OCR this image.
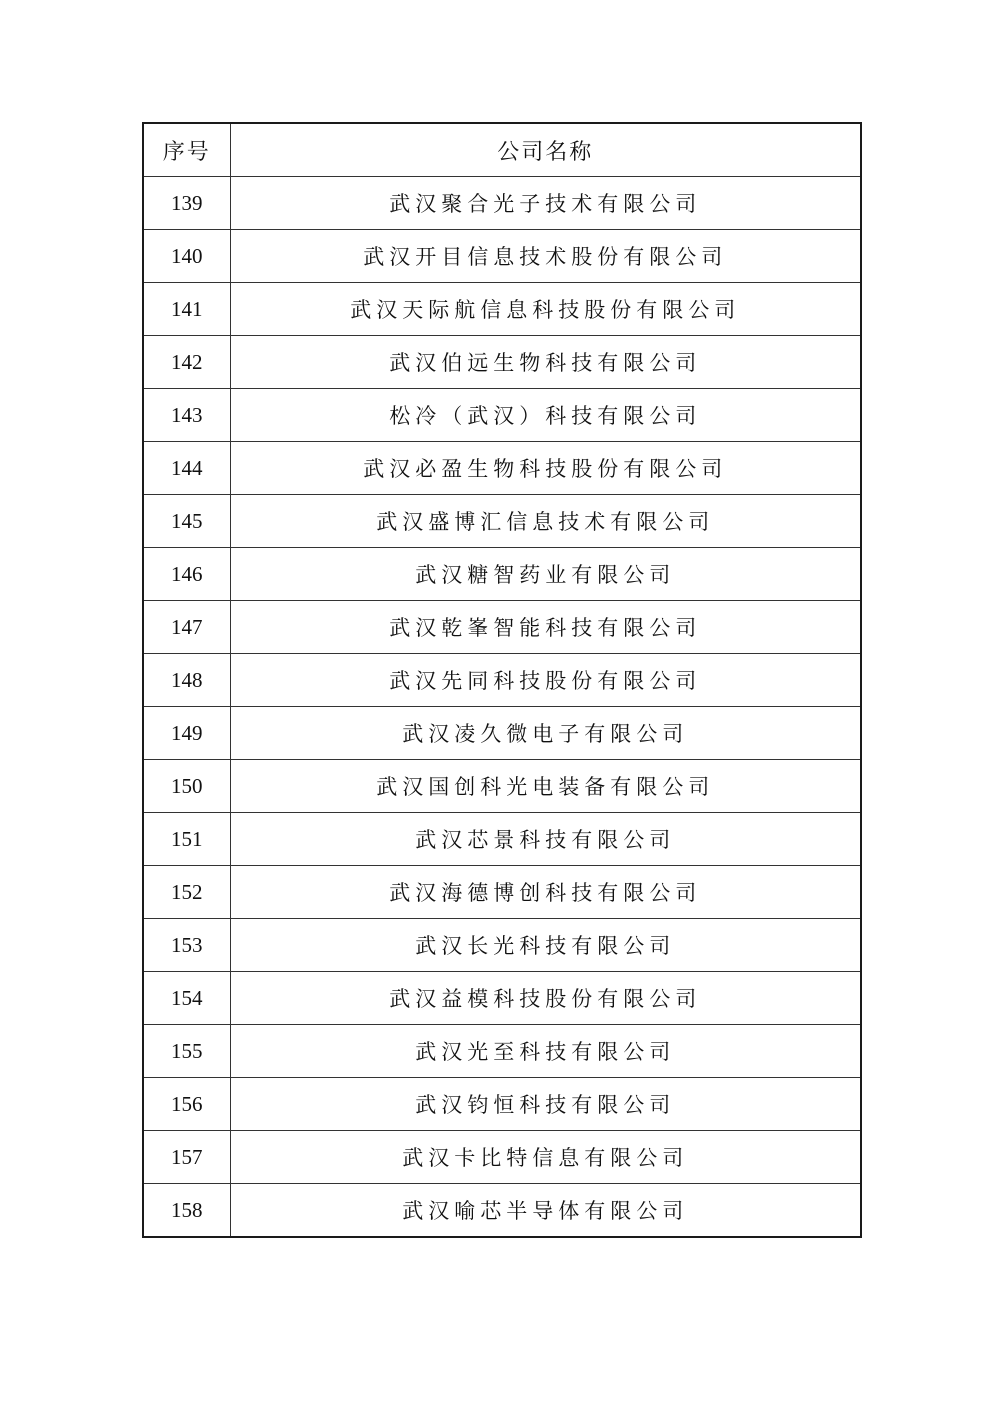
序号	公司名称
139	武汉聚合光子技术有限公司
140	武汉开目信息技术股份有限公司
141	武汉天际航信息科技股份有限公司
142	武汉伯远生物科技有限公司
143	松冷（武汉）科技有限公司
144	武汉必盈生物科技股份有限公司
145	武汉盛博汇信息技术有限公司
146	武汉糖智药业有限公司
147	武汉乾峯智能科技有限公司
148	武汉先同科技股份有限公司
149	武汉凌久微电子有限公司
150	武汉国创科光电装备有限公司
151	武汉芯景科技有限公司
152	武汉海德博创科技有限公司
153	武汉长光科技有限公司
154	武汉益模科技股份有限公司
155	武汉光至科技有限公司
156	武汉钧恒科技有限公司
157	武汉卡比特信息有限公司
158	武汉喻芯半导体有限公司
